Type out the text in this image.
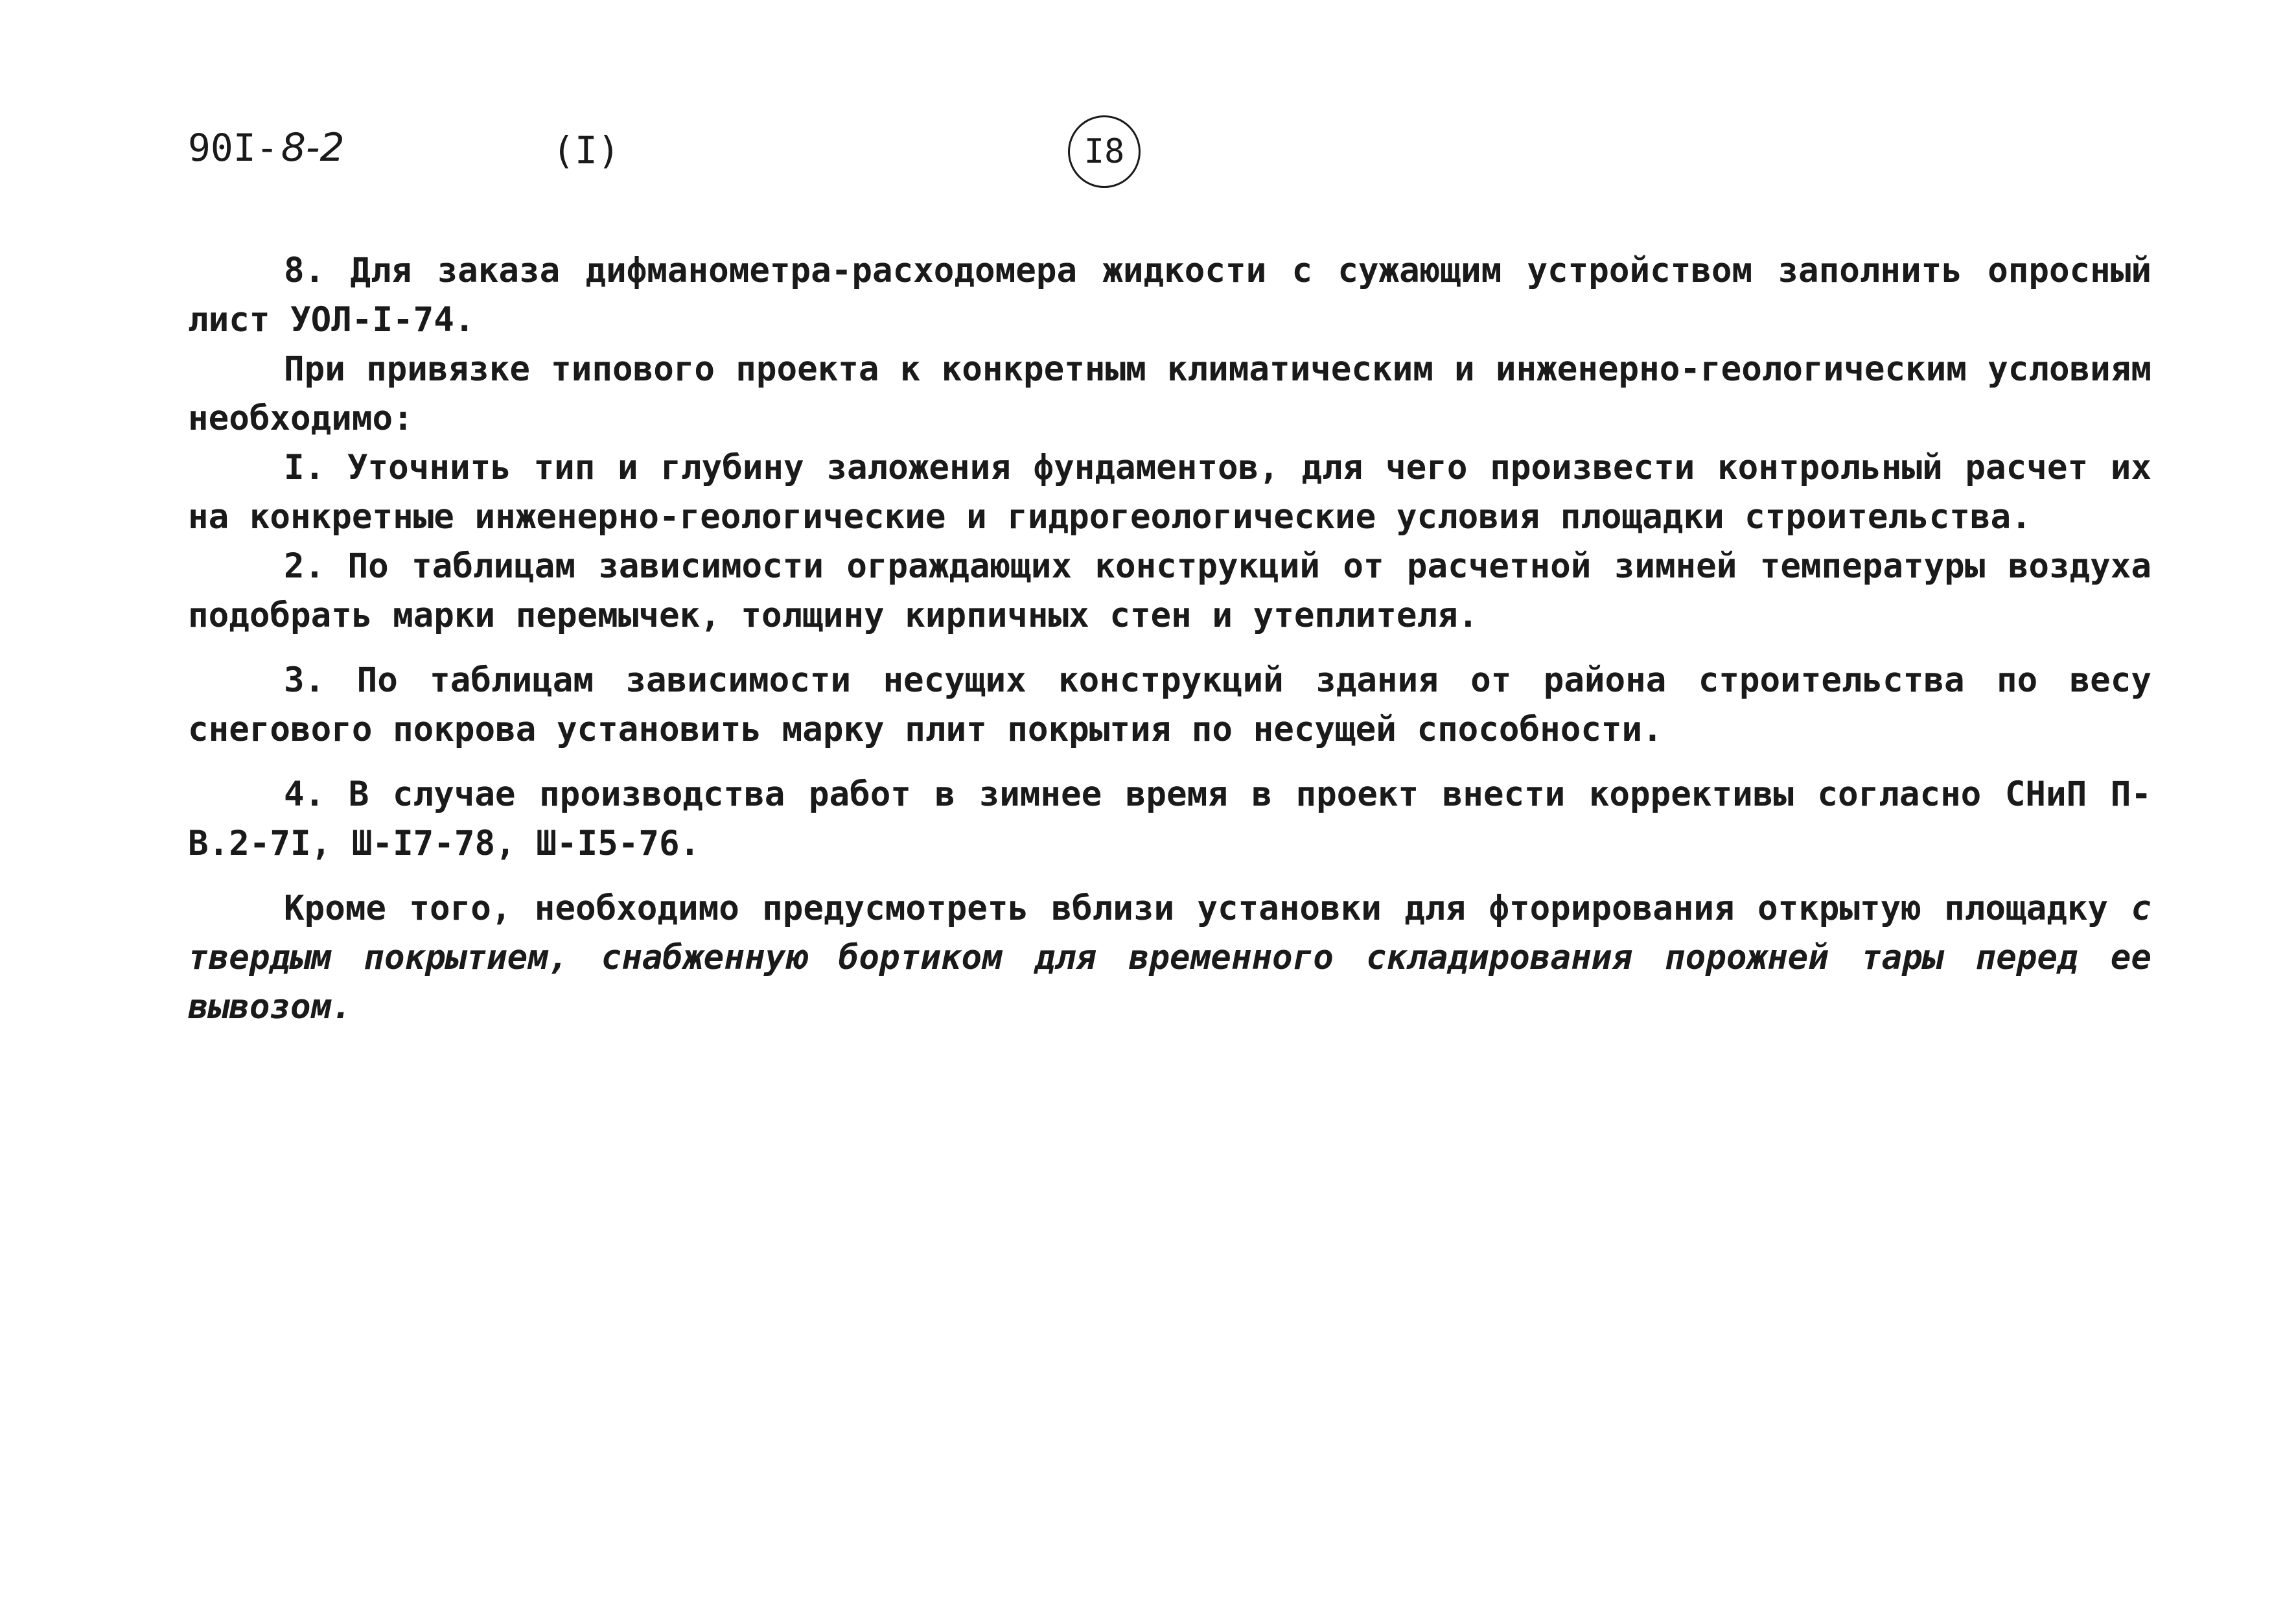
90I-8-2	(I)	I8

8. Для заказа дифманометра-расходомера жидкости с сужающим устройством заполнить опросный лист УОЛ-I-74.

При привязке типового проекта к конкретным климатическим и инженерно-геологическим условиям необходимо:

I. Уточнить тип и глубину заложения фундаментов, для чего произвести контрольный расчет их на конкретные инженерно-геологические и гидрогеологические условия площадки строительства.

2. По таблицам зависимости ограждающих конструкций от расчетной зимней температуры воздуха подобрать марки перемычек, толщину кирпичных стен и утеплителя.

3. По таблицам зависимости несущих конструкций здания от района строительства по весу снегового покрова установить марку плит покрытия по несущей способности.

4. В случае производства работ в зимнее время в проект внести коррективы согласно СНиП П-В.2-7I, Ш-I7-78, Ш-I5-76.

Кроме того, необходимо предусмотреть вблизи установки для фторирования открытую площадку с твердым покрытием, снабженную бортиком для временного складирования порожней тары перед ее вывозом.
